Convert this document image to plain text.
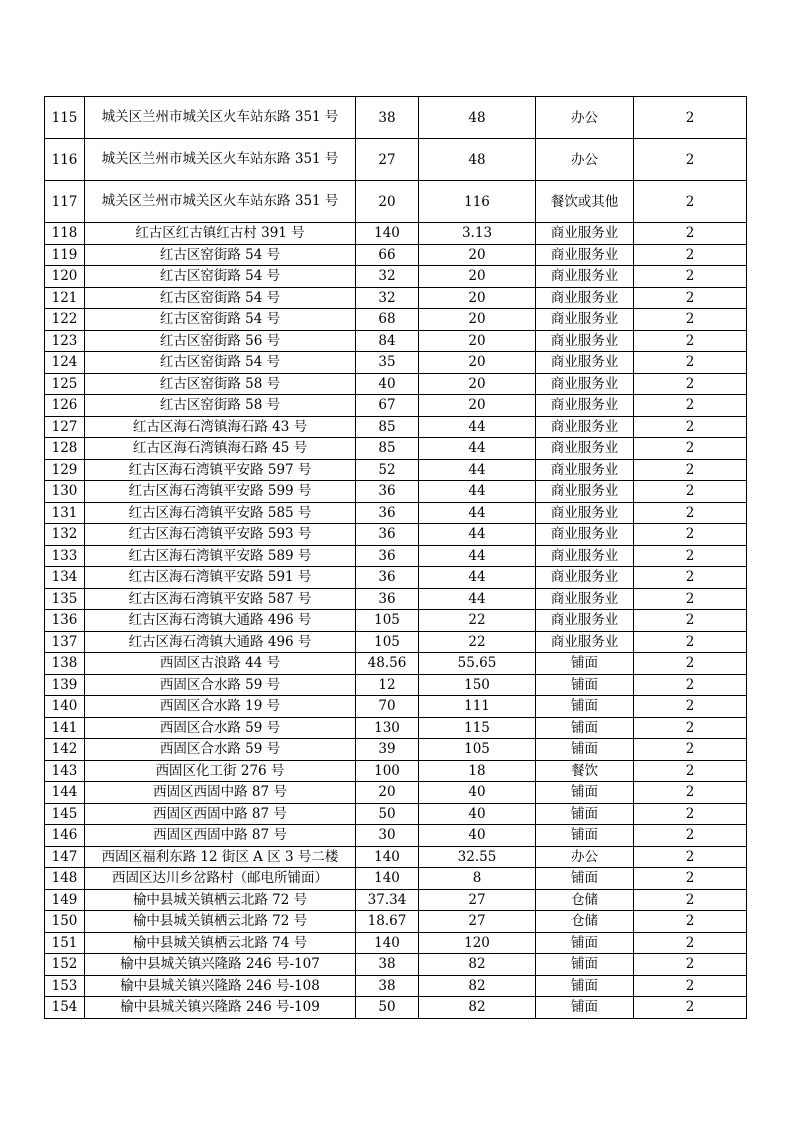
115	城关区兰州市城关区火车站东路 351 号	38	48	办公	2
116	城关区兰州市城关区火车站东路 351 号	27	48	办公	2
117	城关区兰州市城关区火车站东路 351 号	20	116	餐饮或其他	2
118	红古区红古镇红古村 391 号	140	3.13	商业服务业	2
119	红古区窑街路 54 号	66	20	商业服务业	2
120	红古区窑街路 54 号	32	20	商业服务业	2
121	红古区窑街路 54 号	32	20	商业服务业	2
122	红古区窑街路 54 号	68	20	商业服务业	2
123	红古区窑街路 56 号	84	20	商业服务业	2
124	红古区窑街路 54 号	35	20	商业服务业	2
125	红古区窑街路 58 号	40	20	商业服务业	2
126	红古区窑街路 58 号	67	20	商业服务业	2
127	红古区海石湾镇海石路 43 号	85	44	商业服务业	2
128	红古区海石湾镇海石路 45 号	85	44	商业服务业	2
129	红古区海石湾镇平安路 597 号	52	44	商业服务业	2
130	红古区海石湾镇平安路 599 号	36	44	商业服务业	2
131	红古区海石湾镇平安路 585 号	36	44	商业服务业	2
132	红古区海石湾镇平安路 593 号	36	44	商业服务业	2
133	红古区海石湾镇平安路 589 号	36	44	商业服务业	2
134	红古区海石湾镇平安路 591 号	36	44	商业服务业	2
135	红古区海石湾镇平安路 587 号	36	44	商业服务业	2
136	红古区海石湾镇大通路 496 号	105	22	商业服务业	2
137	红古区海石湾镇大通路 496 号	105	22	商业服务业	2
138	西固区古浪路 44 号	48.56	55.65	铺面	2
139	西固区合水路 59 号	12	150	铺面	2
140	西固区合水路 19 号	70	111	铺面	2
141	西固区合水路 59 号	130	115	铺面	2
142	西固区合水路 59 号	39	105	铺面	2
143	西固区化工街 276 号	100	18	餐饮	2
144	西固区西固中路 87 号	20	40	铺面	2
145	西固区西固中路 87 号	50	40	铺面	2
146	西固区西固中路 87 号	30	40	铺面	2
147	西固区福利东路 12 街区 A 区 3 号二楼	140	32.55	办公	2
148	西固区达川乡岔路村（邮电所铺面）	140	8	铺面	2
149	榆中县城关镇栖云北路 72 号	37.34	27	仓储	2
150	榆中县城关镇栖云北路 72 号	18.67	27	仓储	2
151	榆中县城关镇栖云北路 74 号	140	120	铺面	2
152	榆中县城关镇兴隆路 246 号-107	38	82	铺面	2
153	榆中县城关镇兴隆路 246 号-108	38	82	铺面	2
154	榆中县城关镇兴隆路 246 号-109	50	82	铺面	2
